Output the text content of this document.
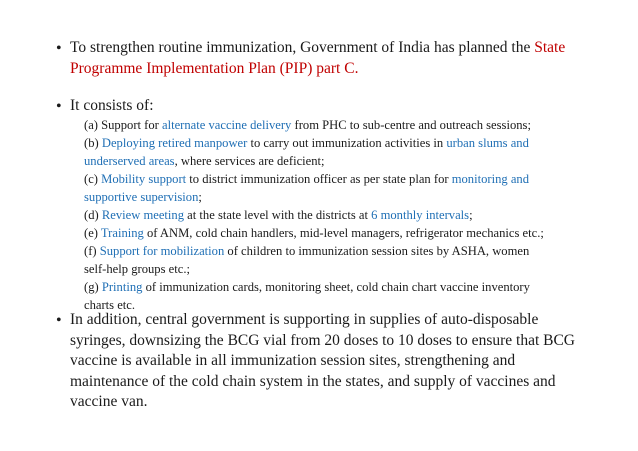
• To strengthen routine immunization, Government of India has planned the State
Programme Implementation Plan (PIP) part C.
• It consists of:
(a) Support for alternate vaccine delivery from PHC to sub-centre and outreach sessions;
(b) Deploying retired manpower to carry out immunization activities in urban slums and
underserved areas, where services are deficient;
(c) Mobility support to district immunization officer as per state plan for monitoring and
supportive supervision;
(d) Review meeting at the state level with the districts at 6 monthly intervals;
(e) Training of ANM, cold chain handlers, mid-level managers, refrigerator mechanics etc.;
(f) Support for mobilization of children to immunization session sites by ASHA, women
self-help groups etc.;
(g) Printing of immunization cards, monitoring sheet, cold chain chart vaccine inventory
charts etc.
• In addition, central government is supporting in supplies of auto-disposable
syringes, downsizing the BCG vial from 20 doses to 10 doses to ensure that BCG
vaccine is available in all immunization session sites, strengthening and
maintenance of the cold chain system in the states, and supply of vaccines and
vaccine van.
